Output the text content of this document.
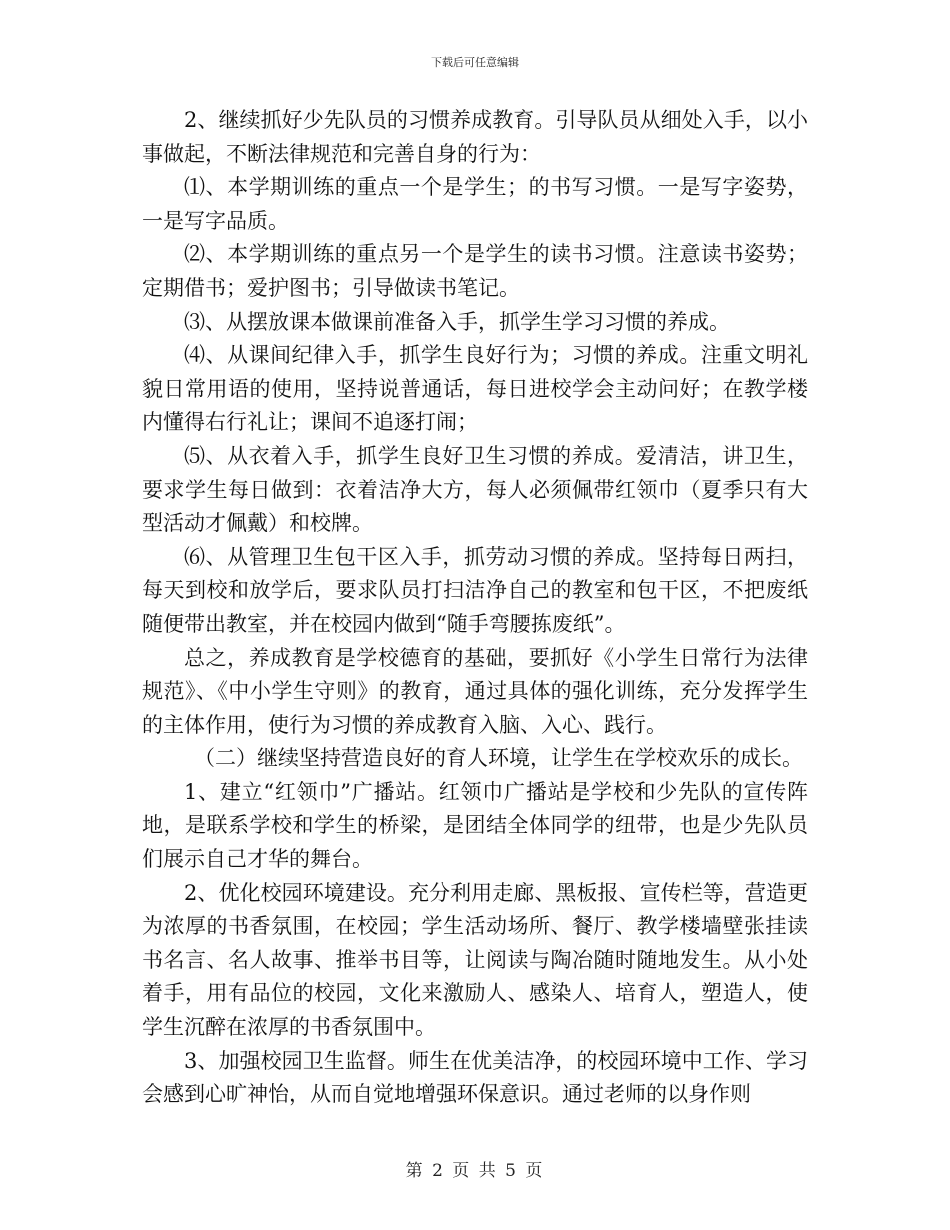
下载后可任意编辑

2、继续抓好少先队员的习惯养成教育。引导队员从细处入手，以小事做起，不断法律规范和完善自身的行为：

⑴、本学期训练的重点一个是学生；的书写习惯。一是写字姿势，一是写字品质。

⑵、本学期训练的重点另一个是学生的读书习惯。注意读书姿势；定期借书；爱护图书；引导做读书笔记。

⑶、从摆放课本做课前准备入手，抓学生学习习惯的养成。

⑷、从课间纪律入手，抓学生良好行为；习惯的养成。注重文明礼貌日常用语的使用，坚持说普通话，每日进校学会主动问好；在教学楼内懂得右行礼让；课间不追逐打闹；

⑸、从衣着入手，抓学生良好卫生习惯的养成。爱清洁，讲卫生，要求学生每日做到：衣着洁净大方，每人必须佩带红领巾（夏季只有大型活动才佩戴）和校牌。

⑹、从管理卫生包干区入手，抓劳动习惯的养成。坚持每日两扫，每天到校和放学后，要求队员打扫洁净自己的教室和包干区，不把废纸随便带出教室，并在校园内做到“随手弯腰拣废纸”。

总之，养成教育是学校德育的基础，要抓好《小学生日常行为法律规范》、《中小学生守则》的教育，通过具体的强化训练，充分发挥学生的主体作用，使行为习惯的养成教育入脑、入心、践行。

（二）继续坚持营造良好的育人环境，让学生在学校欢乐的成长。

1、建立“红领巾”广播站。红领巾广播站是学校和少先队的宣传阵地，是联系学校和学生的桥梁，是团结全体同学的纽带，也是少先队员们展示自己才华的舞台。

2、优化校园环境建设。充分利用走廊、黑板报、宣传栏等，营造更为浓厚的书香氛围，在校园；学生活动场所、餐厅、教学楼墙壁张挂读书名言、名人故事、推举书目等，让阅读与陶冶随时随地发生。从小处着手，用有品位的校园，文化来激励人、感染人、培育人，塑造人，使学生沉醉在浓厚的书香氛围中。

3、加强校园卫生监督。师生在优美洁净，的校园环境中工作、学习会感到心旷神怡，从而自觉地增强环保意识。通过老师的以身作则

第 2 页 共 5 页
